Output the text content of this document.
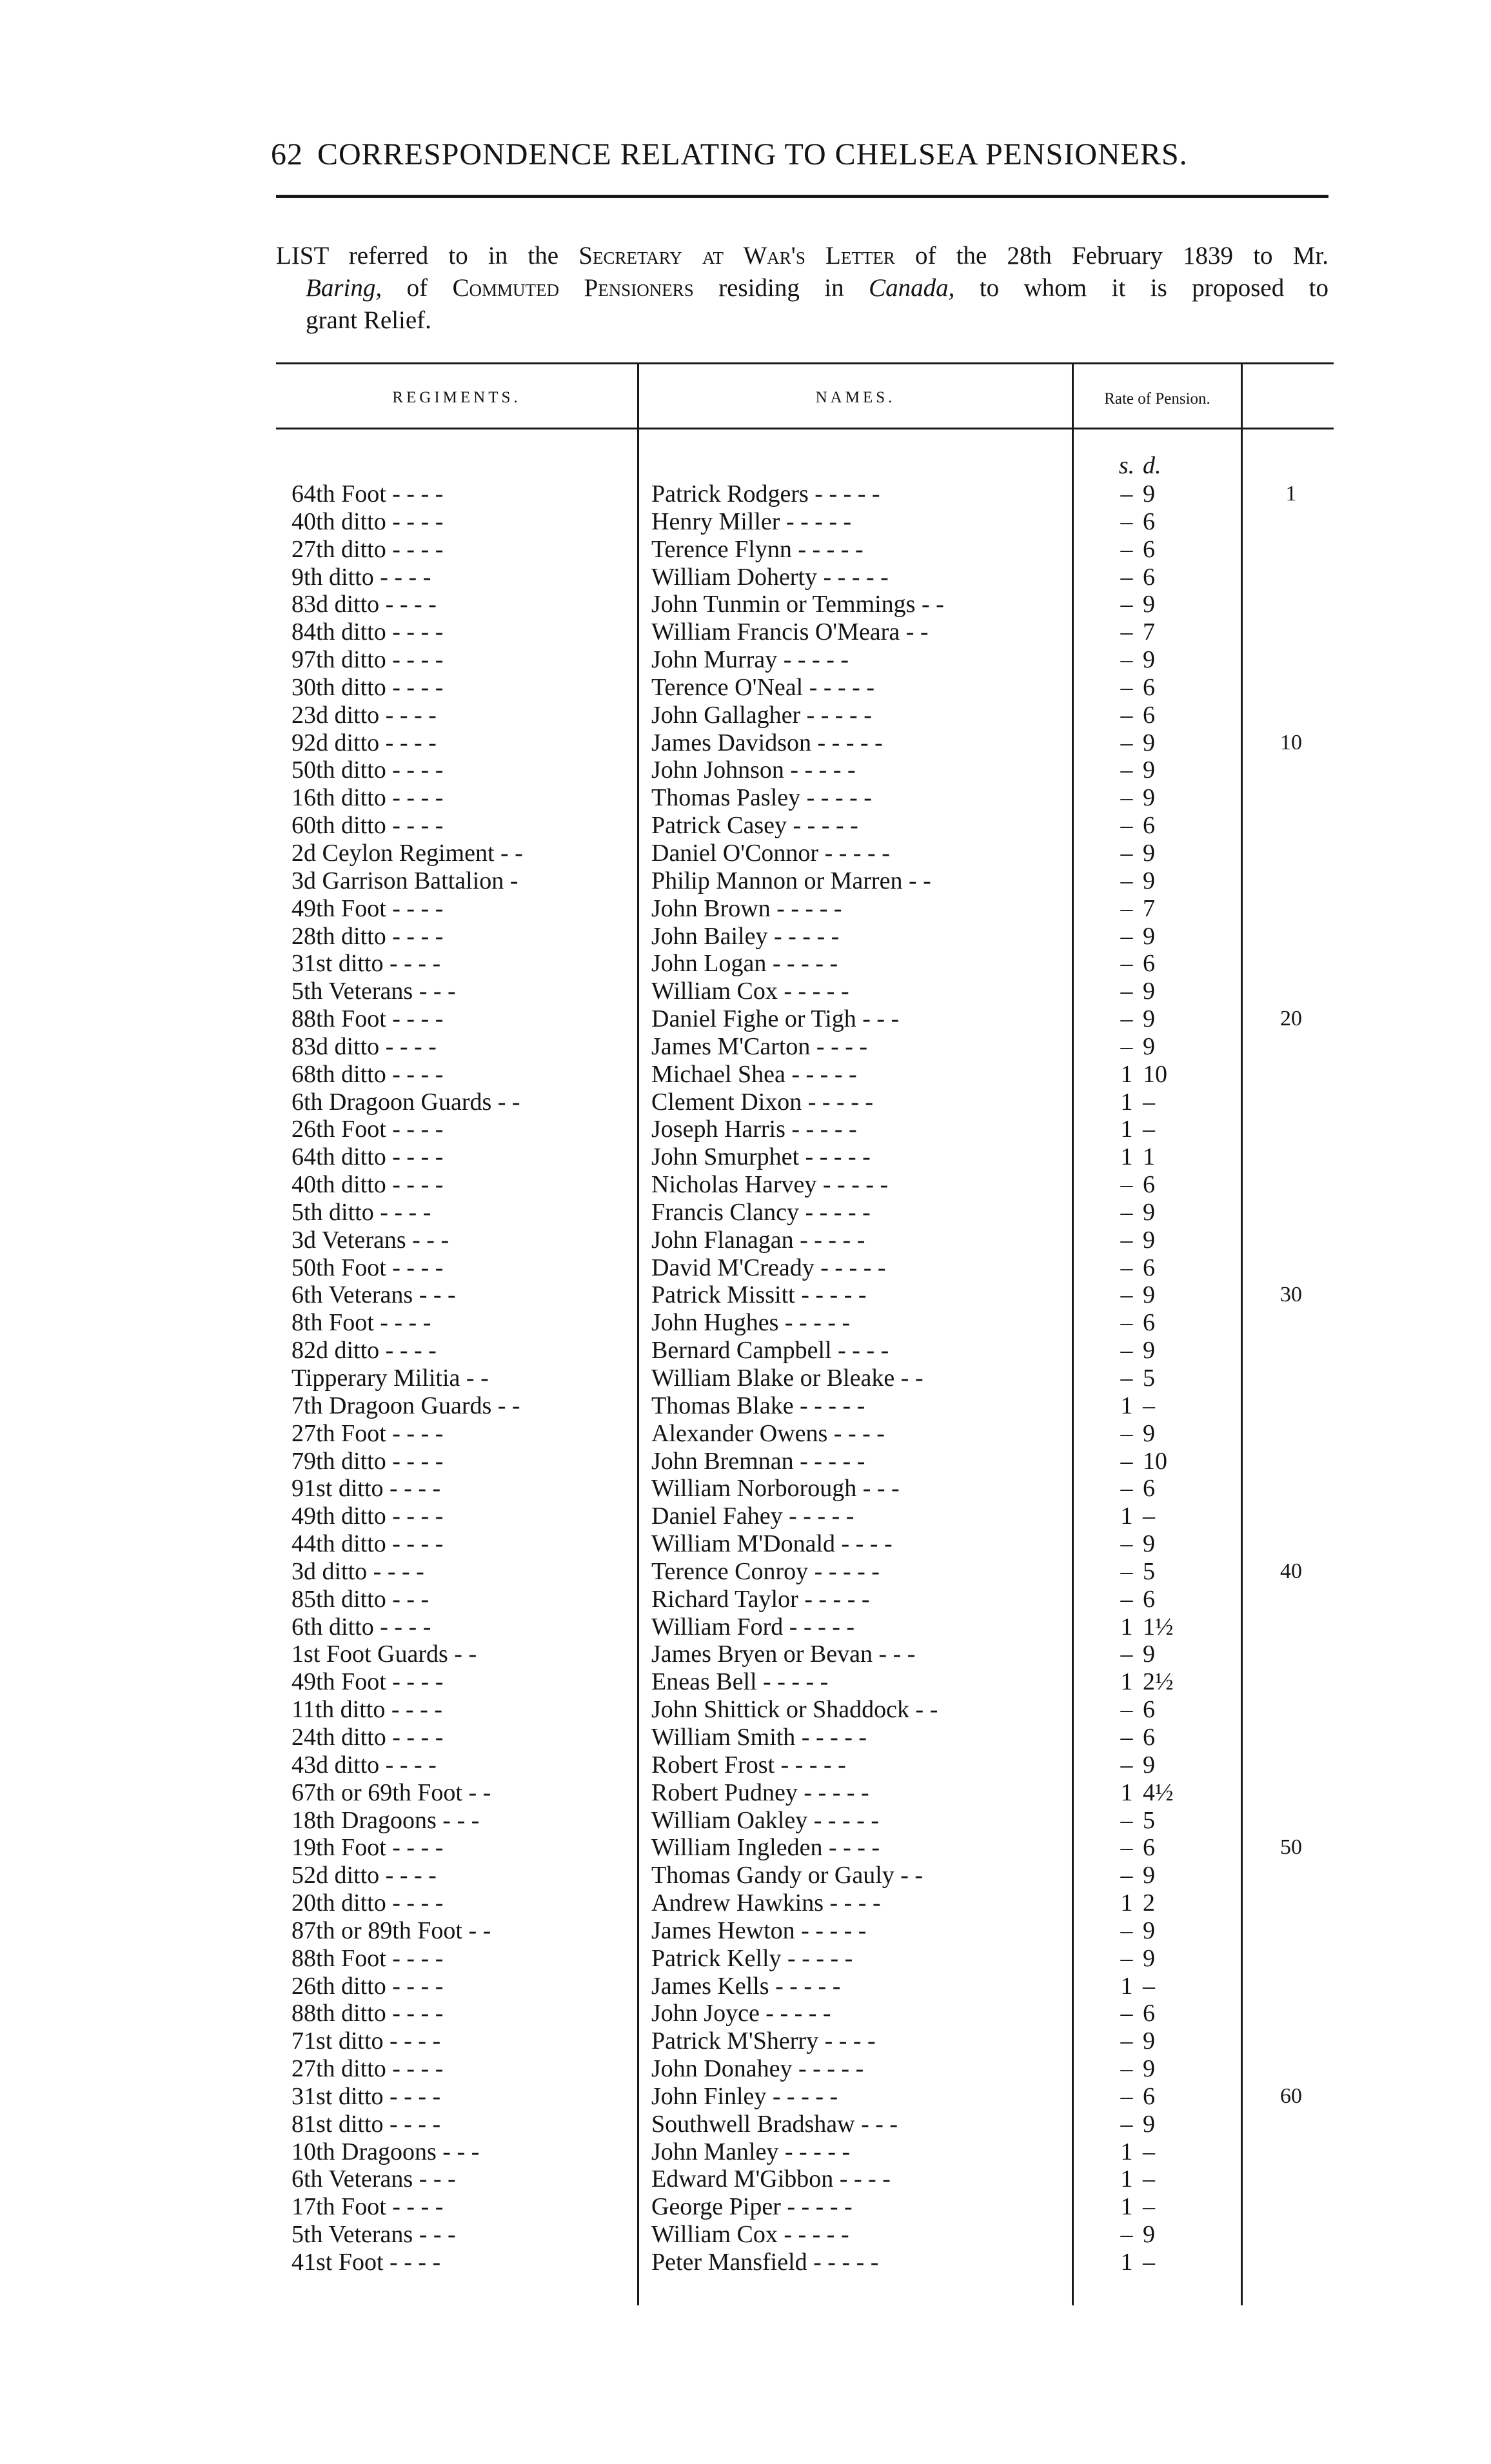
62 CORRESPONDENCE RELATING TO CHELSEA PENSIONERS.

LIST referred to in the Secretary at War's Letter of the 28th February 1839 to Mr.

Baring, of Commuted Pensioners residing in Canada, to whom it is proposed to

grant Relief.

REGIMENTS.	NAMES.	Rate of Pension.
s. d.
64th Foot - - - -	Patrick Rodgers - - - - -	– 9	1
40th ditto - - - -	Henry Miller - - - - -	– 6
27th ditto - - - -	Terence Flynn - - - - -	– 6
9th ditto - - - -	William Doherty - - - - -	– 6
83d ditto - - - -	John Tunmin or Temmings - -	– 9
84th ditto - - - -	William Francis O'Meara - -	– 7
97th ditto - - - -	John Murray - - - - -	– 9
30th ditto - - - -	Terence O'Neal - - - - -	– 6
23d ditto - - - -	John Gallagher - - - - -	– 6
92d ditto - - - -	James Davidson - - - - -	– 9	10
50th ditto - - - -	John Johnson - - - - -	– 9
16th ditto - - - -	Thomas Pasley - - - - -	– 9
60th ditto - - - -	Patrick Casey - - - - -	– 6
2d Ceylon Regiment - -	Daniel O'Connor - - - - -	– 9
3d Garrison Battalion -	Philip Mannon or Marren - -	– 9
49th Foot - - - -	John Brown - - - - -	– 7
28th ditto - - - -	John Bailey - - - - -	– 9
31st ditto - - - -	John Logan - - - - -	– 6
5th Veterans - - -	William Cox - - - - -	– 9
88th Foot - - - -	Daniel Fighe or Tigh - - -	– 9	20
83d ditto - - - -	James M'Carton - - - -	– 9
68th ditto - - - -	Michael Shea - - - - -	1 10
6th Dragoon Guards - -	Clement Dixon - - - - -	1 –
26th Foot - - - -	Joseph Harris - - - - -	1 –
64th ditto - - - -	John Smurphet - - - - -	1 1
40th ditto - - - -	Nicholas Harvey - - - - -	– 6
5th ditto - - - -	Francis Clancy - - - - -	– 9
3d Veterans - - -	John Flanagan - - - - -	– 9
50th Foot - - - -	David M'Cready - - - - -	– 6
6th Veterans - - -	Patrick Missitt - - - - -	– 9	30
8th Foot - - - -	John Hughes - - - - -	– 6
82d ditto - - - -	Bernard Campbell - - - -	– 9
Tipperary Militia - -	William Blake or Bleake - -	– 5
7th Dragoon Guards - -	Thomas Blake - - - - -	1 –
27th Foot - - - -	Alexander Owens - - - -	– 9
79th ditto - - - -	John Bremnan - - - - -	– 10
91st ditto - - - -	William Norborough - - -	– 6
49th ditto - - - -	Daniel Fahey - - - - -	1 –
44th ditto - - - -	William M'Donald - - - -	– 9
3d ditto - - - -	Terence Conroy - - - - -	– 5	40
85th ditto - - -	Richard Taylor - - - - -	– 6
6th ditto - - - -	William Ford - - - - -	1 1½
1st Foot Guards - -	James Bryen or Bevan - - -	– 9
49th Foot - - - -	Eneas Bell - - - - -	1 2½
11th ditto - - - -	John Shittick or Shaddock - -	– 6
24th ditto - - - -	William Smith - - - - -	– 6
43d ditto - - - -	Robert Frost - - - - -	– 9
67th or 69th Foot - -	Robert Pudney - - - - -	1 4½
18th Dragoons - - -	William Oakley - - - - -	– 5
19th Foot - - - -	William Ingleden - - - -	– 6	50
52d ditto - - - -	Thomas Gandy or Gauly - -	– 9
20th ditto - - - -	Andrew Hawkins - - - -	1 2
87th or 89th Foot - -	James Hewton - - - - -	– 9
88th Foot - - - -	Patrick Kelly - - - - -	– 9
26th ditto - - - -	James Kells - - - - -	1 –
88th ditto - - - -	John Joyce - - - - -	– 6
71st ditto - - - -	Patrick M'Sherry - - - -	– 9
27th ditto - - - -	John Donahey - - - - -	– 9
31st ditto - - - -	John Finley - - - - -	– 6	60
81st ditto - - - -	Southwell Bradshaw - - -	– 9
10th Dragoons - - -	John Manley - - - - -	1 –
6th Veterans - - -	Edward M'Gibbon - - - -	1 –
17th Foot - - - -	George Piper - - - - -	1 –
5th Veterans - - -	William Cox - - - - -	– 9
41st Foot - - - -	Peter Mansfield - - - - -	1 –
